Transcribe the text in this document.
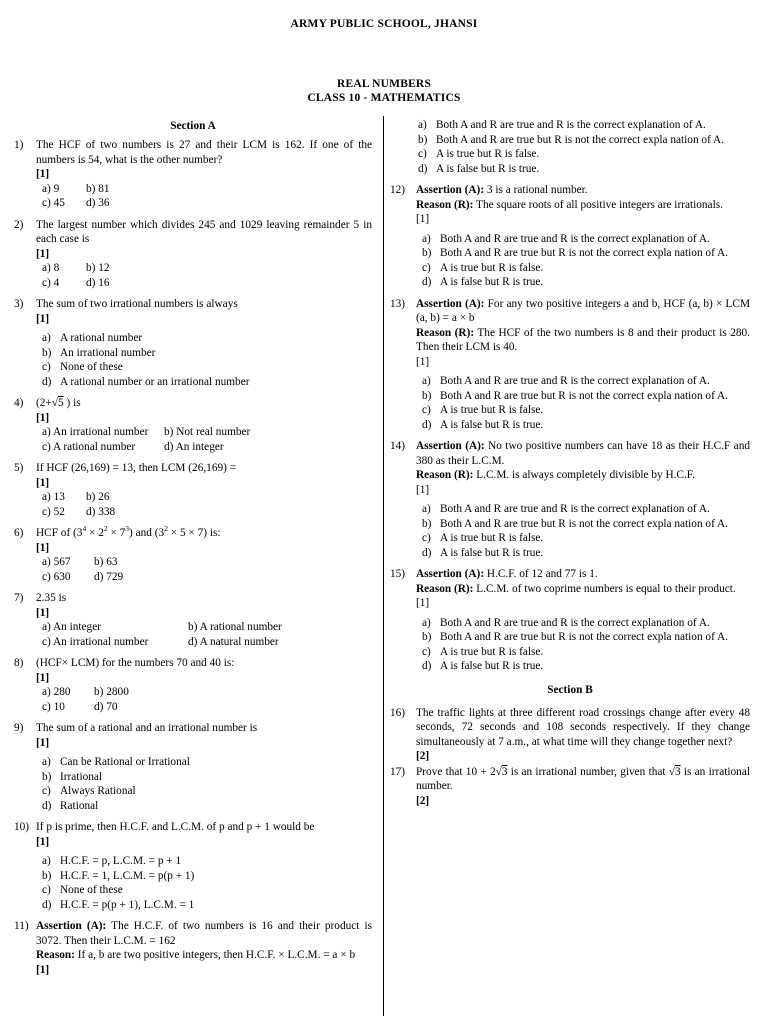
ARMY PUBLIC SCHOOL, JHANSI
REAL NUMBERS
CLASS 10 - MATHEMATICS
Section A
1) The HCF of two numbers is 27 and their LCM is 162. If one of the numbers is 54, what is the other number?
[1]
a) 9	b) 81
c) 45	d) 36
2) The largest number which divides 245 and 1029 leaving remainder 5 in each case is
[1]
a) 8	b) 12
c) 4	d) 16
3) The sum of two irrational numbers is always
[1]
a) A rational number
b) An irrational number
c) None of these
d) A rational number or an irrational number
4) (2+√5 ) is
[1]
a) An irrational number	b) Not real number
c) A rational number	d) An integer
5) If HCF (26,169) = 13, then LCM (26,169) =
[1]
a) 13	b) 26
c) 52	d) 338
6) HCF of $(3^4 \times 2^2 \times 7^3)$ and $(3^2 \times 5 \times 7)$ is:
[1]
a) 567	b) 63
c) 630	d) 729
7) 2.35 is
[1]
a) An integer	b) A rational number
c) An irrational number	d) A natural number
8) (HCF× LCM) for the numbers 70 and 40 is:
[1]
a) 280	b) 2800
c) 10	d) 70
9) The sum of a rational and an irrational number is
[1]
a) Can be Rational or Irrational
b) Irrational
c) Always Rational
d) Rational
10) If p is prime, then H.C.F. and L.C.M. of p and p + 1 would be
[1]
a) H.C.F. = p, L.C.M. = p + 1
b) H.C.F. = 1, L.C.M. = p(p + 1)
c) None of these
d) H.C.F. = p(p + 1), L.C.M. = 1
11) Assertion (A): The H.C.F. of two numbers is 16 and their product is 3072. Then their L.C.M. = 162
Reason: If a, b are two positive integers, then H.C.F. × L.C.M. = a × b
[1]
a) Both A and R are true and R is the correct explanation of A.
b) Both A and R are true but R is not the correct expla nation of A.
c) A is true but R is false.
d) A is false but R is true.
12) Assertion (A): 3 is a rational number.
Reason (R): The square roots of all positive integers are irrationals.
[1]
a) Both A and R are true and R is the correct explanation of A.
b) Both A and R are true but R is not the correct expla nation of A.
c) A is true but R is false.
d) A is false but R is true.
13) Assertion (A): For any two positive integers a and b, HCF (a, b) × LCM (a, b) = a × b
Reason (R): The HCF of the two numbers is 8 and their product is 280. Then their LCM is 40.
[1]
a) Both A and R are true and R is the correct explanation of A.
b) Both A and R are true but R is not the correct expla nation of A.
c) A is true but R is false.
d) A is false but R is true.
14) Assertion (A): No two positive numbers can have 18 as their H.C.F and 380 as their L.C.M.
Reason (R): L.C.M. is always completely divisible by H.C.F.
[1]
a) Both A and R are true and R is the correct explanation of A.
b) Both A and R are true but R is not the correct expla nation of A.
c) A is true but R is false.
d) A is false but R is true.
15) Assertion (A): H.C.F. of 12 and 77 is 1.
Reason (R): L.C.M. of two coprime numbers is equal to their product.
[1]
a) Both A and R are true and R is the correct explanation of A.
b) Both A and R are true but R is not the correct expla nation of A.
c) A is true but R is false.
d) A is false but R is true.
Section B
16) The traffic lights at three different road crossings change after every 48 seconds, 72 seconds and 108 seconds respectively. If they change simultaneously at 7 a.m., at what time will they change together next?
[2]
17) Prove that 10 + 2√3 is an irrational number, given that √3 is an irrational number.
[2]
